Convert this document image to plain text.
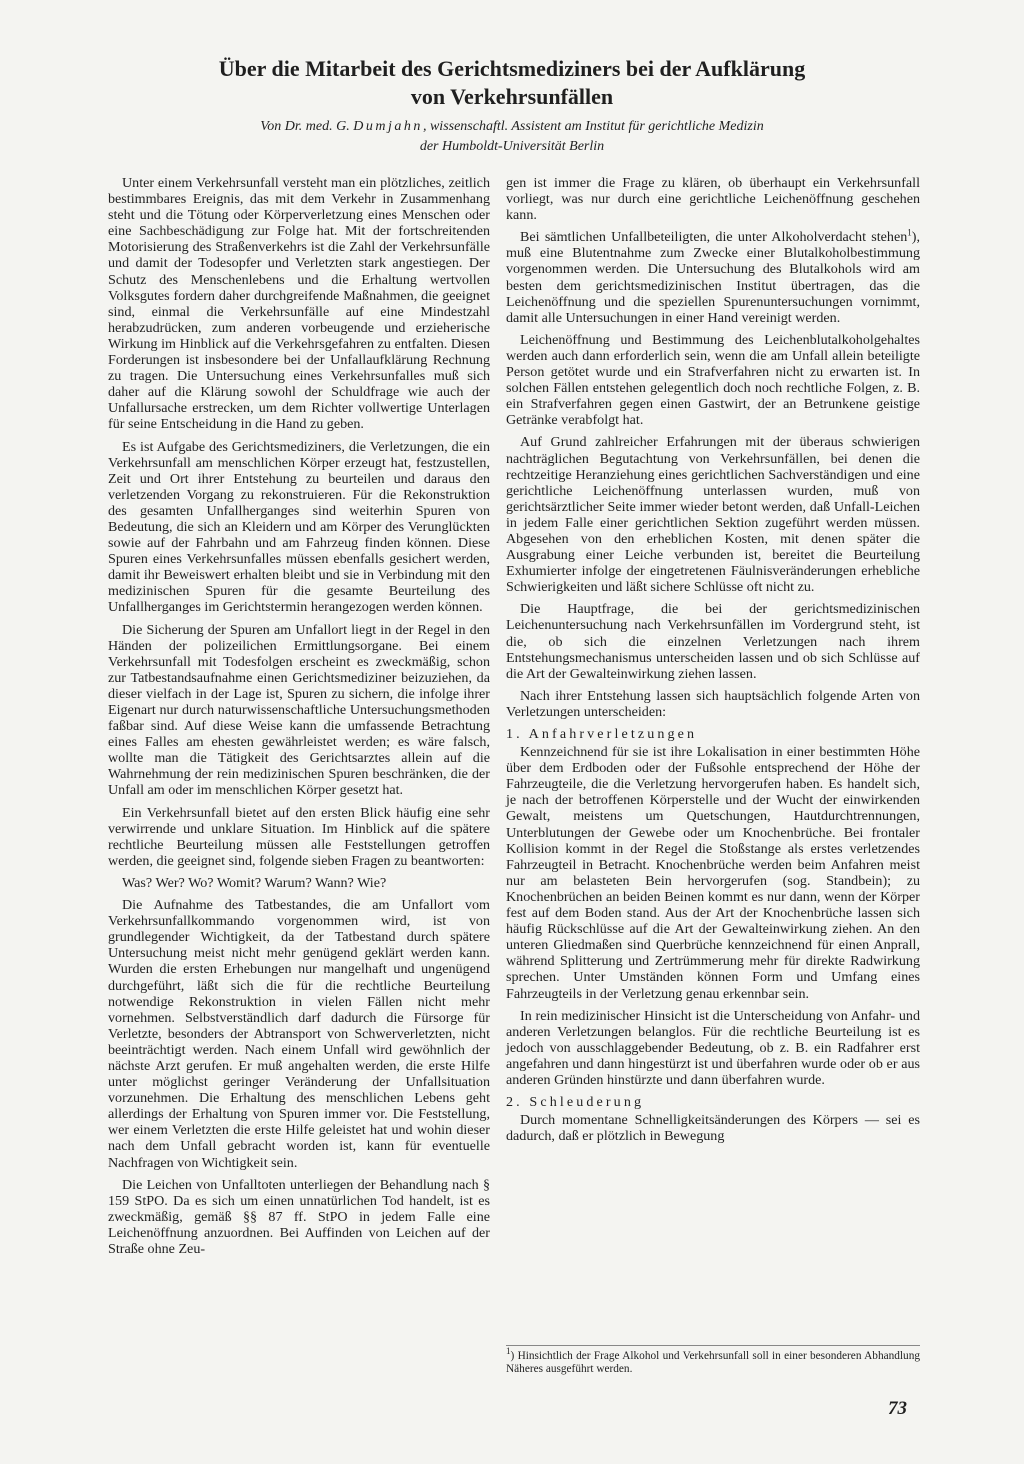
Über die Mitarbeit des Gerichtsmediziners bei der Aufklärung
von Verkehrsunfällen
Von Dr. med. G. Dumjahn, wissenschaftl. Assistent am Institut für gerichtliche Medizin
der Humboldt-Universität Berlin

Unter einem Verkehrsunfall versteht man ein plötzliches, zeitlich bestimmbares Ereignis, das mit dem Verkehr in Zusammenhang steht und die Tötung oder Körperverletzung eines Menschen oder eine Sachbeschädigung zur Folge hat. Mit der fortschreitenden Motorisierung des Straßenverkehrs ist die Zahl der Verkehrsunfälle und damit der Todesopfer und Verletzten stark angestiegen. Der Schutz des Menschenlebens und die Erhaltung wertvollen Volksgutes fordern daher durchgreifende Maßnahmen, die geeignet sind, einmal die Verkehrsunfälle auf eine Mindestzahl herabzudrücken, zum anderen vorbeugende und erzieherische Wirkung im Hinblick auf die Verkehrsgefahren zu entfalten. Diesen Forderungen ist insbesondere bei der Unfallaufklärung Rechnung zu tragen. Die Untersuchung eines Verkehrsunfalles muß sich daher auf die Klärung sowohl der Schuldfrage wie auch der Unfallursache erstrecken, um dem Richter vollwertige Unterlagen für seine Entscheidung in die Hand zu geben.

Es ist Aufgabe des Gerichtsmediziners, die Verletzungen, die ein Verkehrsunfall am menschlichen Körper erzeugt hat, festzustellen, Zeit und Ort ihrer Entstehung zu beurteilen und daraus den verletzenden Vorgang zu rekonstruieren. Für die Rekonstruktion des gesamten Unfallherganges sind weiterhin Spuren von Bedeutung, die sich an Kleidern und am Körper des Verunglückten sowie auf der Fahrbahn und am Fahrzeug finden können. Diese Spuren eines Verkehrsunfalles müssen ebenfalls gesichert werden, damit ihr Beweiswert erhalten bleibt und sie in Verbindung mit den medizinischen Spuren für die gesamte Beurteilung des Unfallherganges im Gerichtstermin herangezogen werden können.

Die Sicherung der Spuren am Unfallort liegt in der Regel in den Händen der polizeilichen Ermittlungsorgane. Bei einem Verkehrsunfall mit Todesfolgen erscheint es zweckmäßig, schon zur Tatbestandsaufnahme einen Gerichtsmediziner beizuziehen, da dieser vielfach in der Lage ist, Spuren zu sichern, die infolge ihrer Eigenart nur durch naturwissenschaftliche Untersuchungsmethoden faßbar sind. Auf diese Weise kann die umfassende Betrachtung eines Falles am ehesten gewährleistet werden; es wäre falsch, wollte man die Tätigkeit des Gerichtsarztes allein auf die Wahrnehmung der rein medizinischen Spuren beschränken, die der Unfall am oder im menschlichen Körper gesetzt hat.

Ein Verkehrsunfall bietet auf den ersten Blick häufig eine sehr verwirrende und unklare Situation. Im Hinblick auf die spätere rechtliche Beurteilung müssen alle Feststellungen getroffen werden, die geeignet sind, folgende sieben Fragen zu beantworten:

Was? Wer? Wo? Womit? Warum? Wann? Wie?

Die Aufnahme des Tatbestandes, die am Unfallort vom Verkehrsunfallkommando vorgenommen wird, ist von grundlegender Wichtigkeit, da der Tatbestand durch spätere Untersuchung meist nicht mehr genügend geklärt werden kann. Wurden die ersten Erhebungen nur mangelhaft und ungenügend durchgeführt, läßt sich die für die rechtliche Beurteilung notwendige Rekonstruktion in vielen Fällen nicht mehr vornehmen. Selbstverständlich darf dadurch die Fürsorge für Verletzte, besonders der Abtransport von Schwerverletzten, nicht beeinträchtigt werden. Nach einem Unfall wird gewöhnlich der nächste Arzt gerufen. Er muß angehalten werden, die erste Hilfe unter möglichst geringer Veränderung der Unfallsituation vorzunehmen. Die Erhaltung des menschlichen Lebens geht allerdings der Erhaltung von Spuren immer vor. Die Feststellung, wer einem Verletzten die erste Hilfe geleistet hat und wohin dieser nach dem Unfall gebracht worden ist, kann für eventuelle Nachfragen von Wichtigkeit sein.

Die Leichen von Unfalltoten unterliegen der Behandlung nach § 159 StPO. Da es sich um einen unnatürlichen Tod handelt, ist es zweckmäßig, gemäß §§ 87 ff. StPO in jedem Falle eine Leichenöffnung anzuordnen. Bei Auffinden von Leichen auf der Straße ohne Zeu-

gen ist immer die Frage zu klären, ob überhaupt ein Verkehrsunfall vorliegt, was nur durch eine gerichtliche Leichenöffnung geschehen kann.

Bei sämtlichen Unfallbeteiligten, die unter Alkoholverdacht stehen$^1$), muß eine Blutentnahme zum Zwecke einer Blutalkoholbestimmung vorgenommen werden. Die Untersuchung des Blutalkohols wird am besten dem gerichtsmedizinischen Institut übertragen, das die Leichenöffnung und die speziellen Spurenuntersuchungen vornimmt, damit alle Untersuchungen in einer Hand vereinigt werden.

Leichenöffnung und Bestimmung des Leichenblutalkoholgehaltes werden auch dann erforderlich sein, wenn die am Unfall allein beteiligte Person getötet wurde und ein Strafverfahren nicht zu erwarten ist. In solchen Fällen entstehen gelegentlich doch noch rechtliche Folgen, z. B. ein Strafverfahren gegen einen Gastwirt, der an Betrunkene geistige Getränke verabfolgt hat.

Auf Grund zahlreicher Erfahrungen mit der überaus schwierigen nachträglichen Begutachtung von Verkehrsunfällen, bei denen die rechtzeitige Heranziehung eines gerichtlichen Sachverständigen und eine gerichtliche Leichenöffnung unterlassen wurden, muß von gerichtsärztlicher Seite immer wieder betont werden, daß Unfall-Leichen in jedem Falle einer gerichtlichen Sektion zugeführt werden müssen. Abgesehen von den erheblichen Kosten, mit denen später die Ausgrabung einer Leiche verbunden ist, bereitet die Beurteilung Exhumierter infolge der eingetretenen Fäulnisveränderungen erhebliche Schwierigkeiten und läßt sichere Schlüsse oft nicht zu.

Die Hauptfrage, die bei der gerichtsmedizinischen Leichenuntersuchung nach Verkehrsunfällen im Vordergrund steht, ist die, ob sich die einzelnen Verletzungen nach ihrem Entstehungsmechanismus unterscheiden lassen und ob sich Schlüsse auf die Art der Gewalteinwirkung ziehen lassen.

Nach ihrer Entstehung lassen sich hauptsächlich folgende Arten von Verletzungen unterscheiden:

1. Anfahrverletzungen

Kennzeichnend für sie ist ihre Lokalisation in einer bestimmten Höhe über dem Erdboden oder der Fußsohle entsprechend der Höhe der Fahrzeugteile, die die Verletzung hervorgerufen haben. Es handelt sich, je nach der betroffenen Körperstelle und der Wucht der einwirkenden Gewalt, meistens um Quetschungen, Hautdurchtrennungen, Unterblutungen der Gewebe oder um Knochenbrüche. Bei frontaler Kollision kommt in der Regel die Stoßstange als erstes verletzendes Fahrzeugteil in Betracht. Knochenbrüche werden beim Anfahren meist nur am belasteten Bein hervorgerufen (sog. Standbein); zu Knochenbrüchen an beiden Beinen kommt es nur dann, wenn der Körper fest auf dem Boden stand. Aus der Art der Knochenbrüche lassen sich häufig Rückschlüsse auf die Art der Gewalteinwirkung ziehen. An den unteren Gliedmaßen sind Querbrüche kennzeichnend für einen Anprall, während Splitterung und Zertrümmerung mehr für direkte Radwirkung sprechen. Unter Umständen können Form und Umfang eines Fahrzeugteils in der Verletzung genau erkennbar sein.

In rein medizinischer Hinsicht ist die Unterscheidung von Anfahr- und anderen Verletzungen belanglos. Für die rechtliche Beurteilung ist es jedoch von ausschlaggebender Bedeutung, ob z. B. ein Radfahrer erst angefahren und dann hingestürzt ist und überfahren wurde oder ob er aus anderen Gründen hinstürzte und dann überfahren wurde.

2. Schleuderung

Durch momentane Schnelligkeitsänderungen des Körpers — sei es dadurch, daß er plötzlich in Bewegung

$^1$) Hinsichtlich der Frage Alkohol und Verkehrsunfall soll in einer besonderen Abhandlung Näheres ausgeführt werden.
73
